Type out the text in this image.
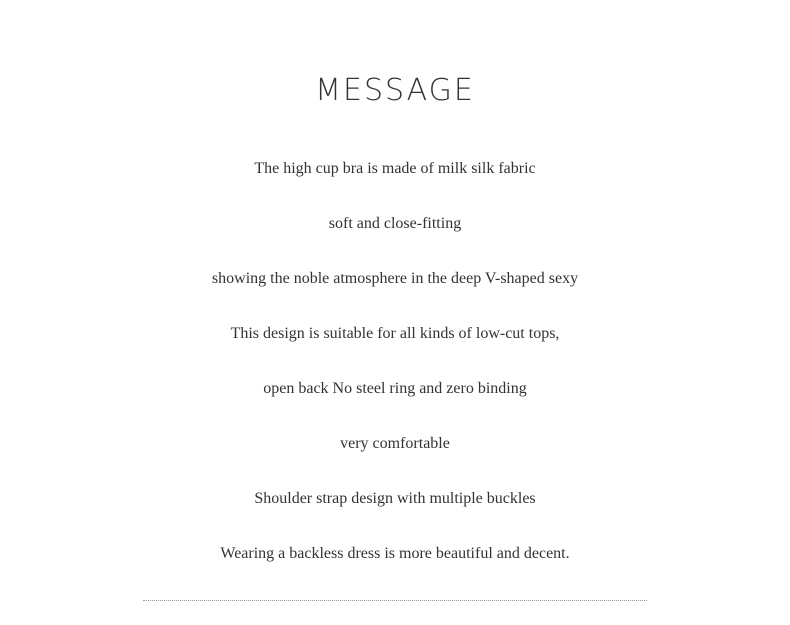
MESSAGE
The high cup bra is made of milk silk fabric
soft and close-fitting
showing the noble atmosphere in the deep V-shaped sexy
This design is suitable for all kinds of low-cut tops,
open back No steel ring and zero binding
very comfortable
Shoulder strap design with multiple buckles
Wearing a backless dress is more beautiful and decent.
